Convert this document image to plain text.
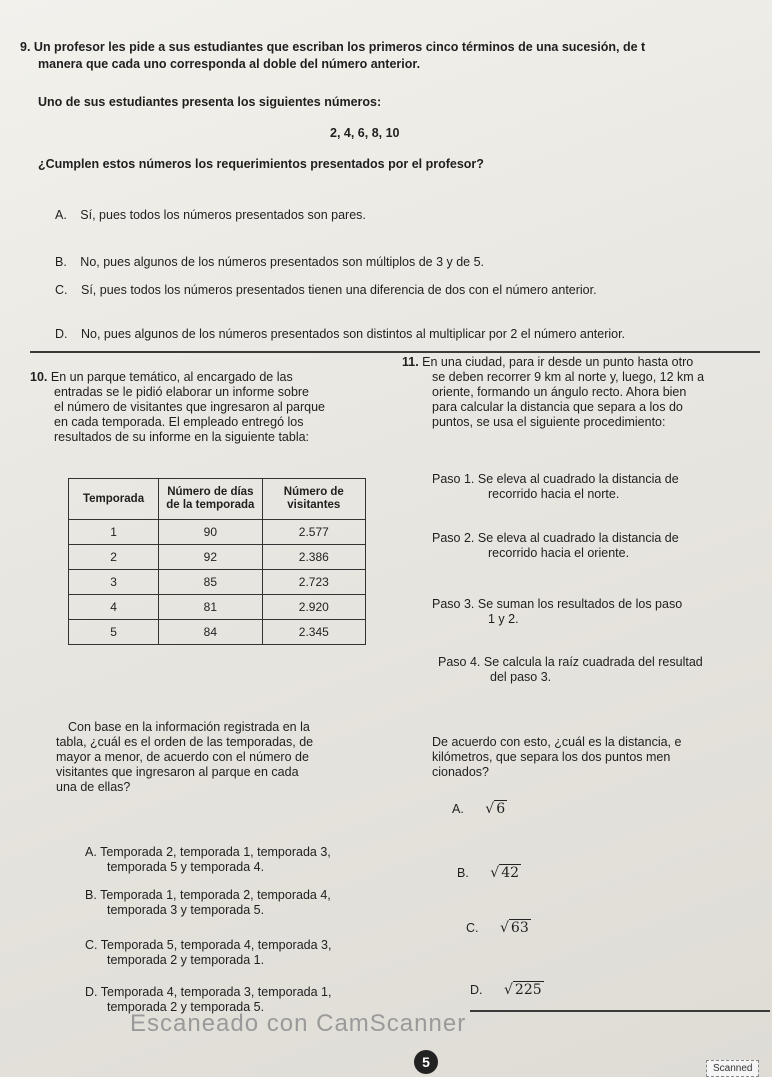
9. Un profesor les pide a sus estudiantes que escriban los primeros cinco términos de una sucesión, de t
manera que cada uno corresponda al doble del número anterior.
Uno de sus estudiantes presenta los siguientes números:
2, 4, 6, 8, 10
¿Cumplen estos números los requerimientos presentados por el profesor?
A. Sí, pues todos los números presentados son pares.
B. No, pues algunos de los números presentados son múltiplos de 3 y de 5.
C. Sí, pues todos los números presentados tienen una diferencia de dos con el número anterior.
D. No, pues algunos de los números presentados son distintos al multiplicar por 2 el número anterior.
10. En un parque temático, al encargado de las
entradas se le pidió elaborar un informe sobre
el número de visitantes que ingresaron al parque
en cada temporada. El empleado entregó los
resultados de su informe en la siguiente tabla:
Temporada	Número de días de la temporada	Número de visitantes
1	90	2.577
2	92	2.386
3	85	2.723
4	81	2.920
5	84	2.345
Con base en la información registrada en la
tabla, ¿cuál es el orden de las temporadas, de
mayor a menor, de acuerdo con el número de
visitantes que ingresaron al parque en cada
una de ellas?
A. Temporada 2, temporada 1, temporada 3,
temporada 5 y temporada 4.
B. Temporada 1, temporada 2, temporada 4,
temporada 3 y temporada 5.
C. Temporada 5, temporada 4, temporada 3,
temporada 2 y temporada 1.
D. Temporada 4, temporada 3, temporada 1,
temporada 2 y temporada 5.
11. En una ciudad, para ir desde un punto hasta otro
se deben recorrer 9 km al norte y, luego, 12 km a
oriente, formando un ángulo recto. Ahora bien
para calcular la distancia que separa a los do
puntos, se usa el siguiente procedimiento:
Paso 1. Se eleva al cuadrado la distancia de
recorrido hacia el norte.
Paso 2. Se eleva al cuadrado la distancia de
recorrido hacia el oriente.
Paso 3. Se suman los resultados de los paso
1 y 2.
Paso 4. Se calcula la raíz cuadrada del resultad
del paso 3.
De acuerdo con esto, ¿cuál es la distancia, e
kilómetros, que separa los dos puntos men
cionados?
A. √ 6
B. √ 42
C. √ 63
D. √ 225
Escaneado con CamScanner
5	Scanned
